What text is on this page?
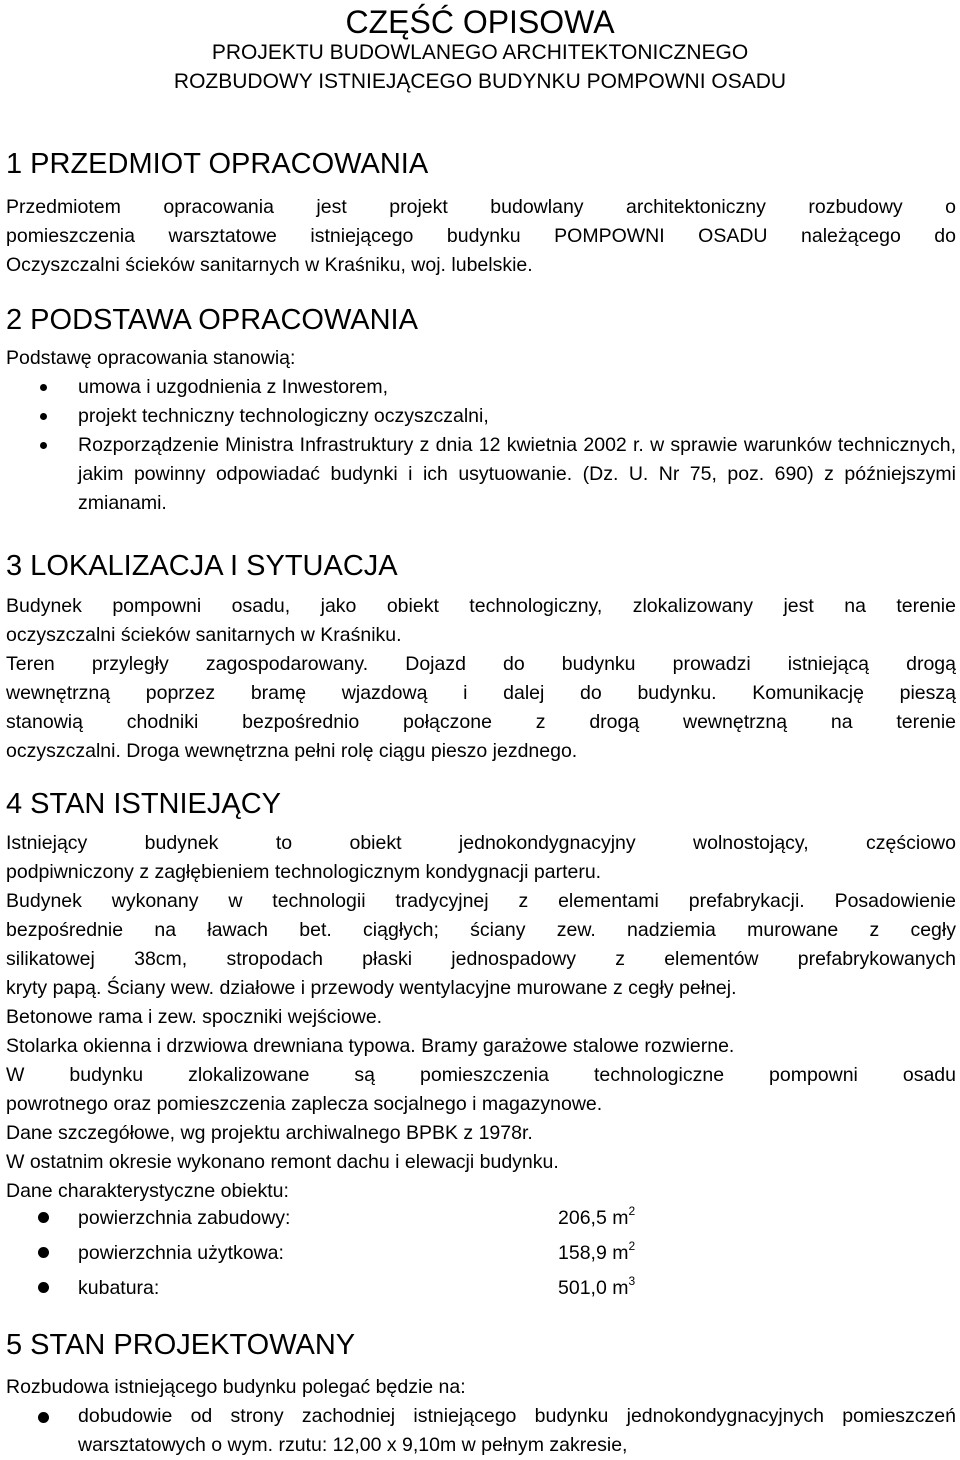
CZĘŚĆ OPISOWA
PROJEKTU BUDOWLANEGO ARCHITEKTONICZNEGO
ROZBUDOWY ISTNIEJĄCEGO BUDYNKU POMPOWNI OSADU
1 PRZEDMIOT OPRACOWANIA
Przedmiotem opracowania jest projekt budowlany architektoniczny rozbudowy o
pomieszczenia warsztatowe istniejącego budynku POMPOWNI OSADU należącego do
Oczyszczalni ścieków sanitarnych w Kraśniku, woj. lubelskie.
2 PODSTAWA OPRACOWANIA
Podstawę opracowania stanowią:
umowa i uzgodnienia z Inwestorem,
projekt techniczny technologiczny oczyszczalni,
Rozporządzenie Ministra Infrastruktury z dnia 12 kwietnia 2002 r. w sprawie warunków technicznych, jakim powinny odpowiadać budynki i ich usytuowanie. (Dz. U. Nr 75, poz. 690) z późniejszymi zmianami.
3 LOKALIZACJA I SYTUACJA
Budynek pompowni osadu, jako obiekt technologiczny, zlokalizowany jest na terenie
oczyszczalni ścieków sanitarnych w Kraśniku.
Teren przyległy zagospodarowany. Dojazd do budynku prowadzi istniejącą drogą
wewnętrzną poprzez bramę wjazdową i dalej do budynku. Komunikację pieszą
stanowią chodniki bezpośrednio połączone z drogą wewnętrzną na terenie
oczyszczalni. Droga wewnętrzna pełni rolę ciągu pieszo jezdnego.
4 STAN ISTNIEJĄCY
Istniejący budynek to obiekt jednokondygnacyjny wolnostojący, częściowo
podpiwniczony z zagłębieniem technologicznym kondygnacji parteru.
Budynek wykonany w technologii tradycyjnej z elementami prefabrykacji. Posadowienie
bezpośrednie na ławach bet. ciągłych; ściany zew. nadziemia murowane z cegły
silikatowej 38cm, stropodach płaski jednospadowy z elementów prefabrykowanych
kryty papą. Ściany wew. działowe i przewody wentylacyjne murowane z cegły pełnej.
Betonowe rama i zew. spoczniki wejściowe.
Stolarka okienna i drzwiowa drewniana typowa. Bramy garażowe stalowe rozwierne.
W budynku zlokalizowane są pomieszczenia technologiczne pompowni osadu
powrotnego oraz pomieszczenia zaplecza socjalnego i magazynowe.
Dane szczegółowe, wg projektu archiwalnego BPBK z 1978r.
W ostatnim okresie wykonano remont dachu i elewacji budynku.
Dane charakterystyczne obiektu:
powierzchnia zabudowy:	206,5 $m^2$
powierzchnia użytkowa:	158,9 $m^2$
kubatura:	501,0 $m^3$
5 STAN PROJEKTOWANY
Rozbudowa istniejącego budynku polegać będzie na:
dobudowie od strony zachodniej istniejącego budynku jednokondygnacyjnych pomieszczeń warsztatowych o wym. rzutu: 12,00 x 9,10m w pełnym zakresie,
